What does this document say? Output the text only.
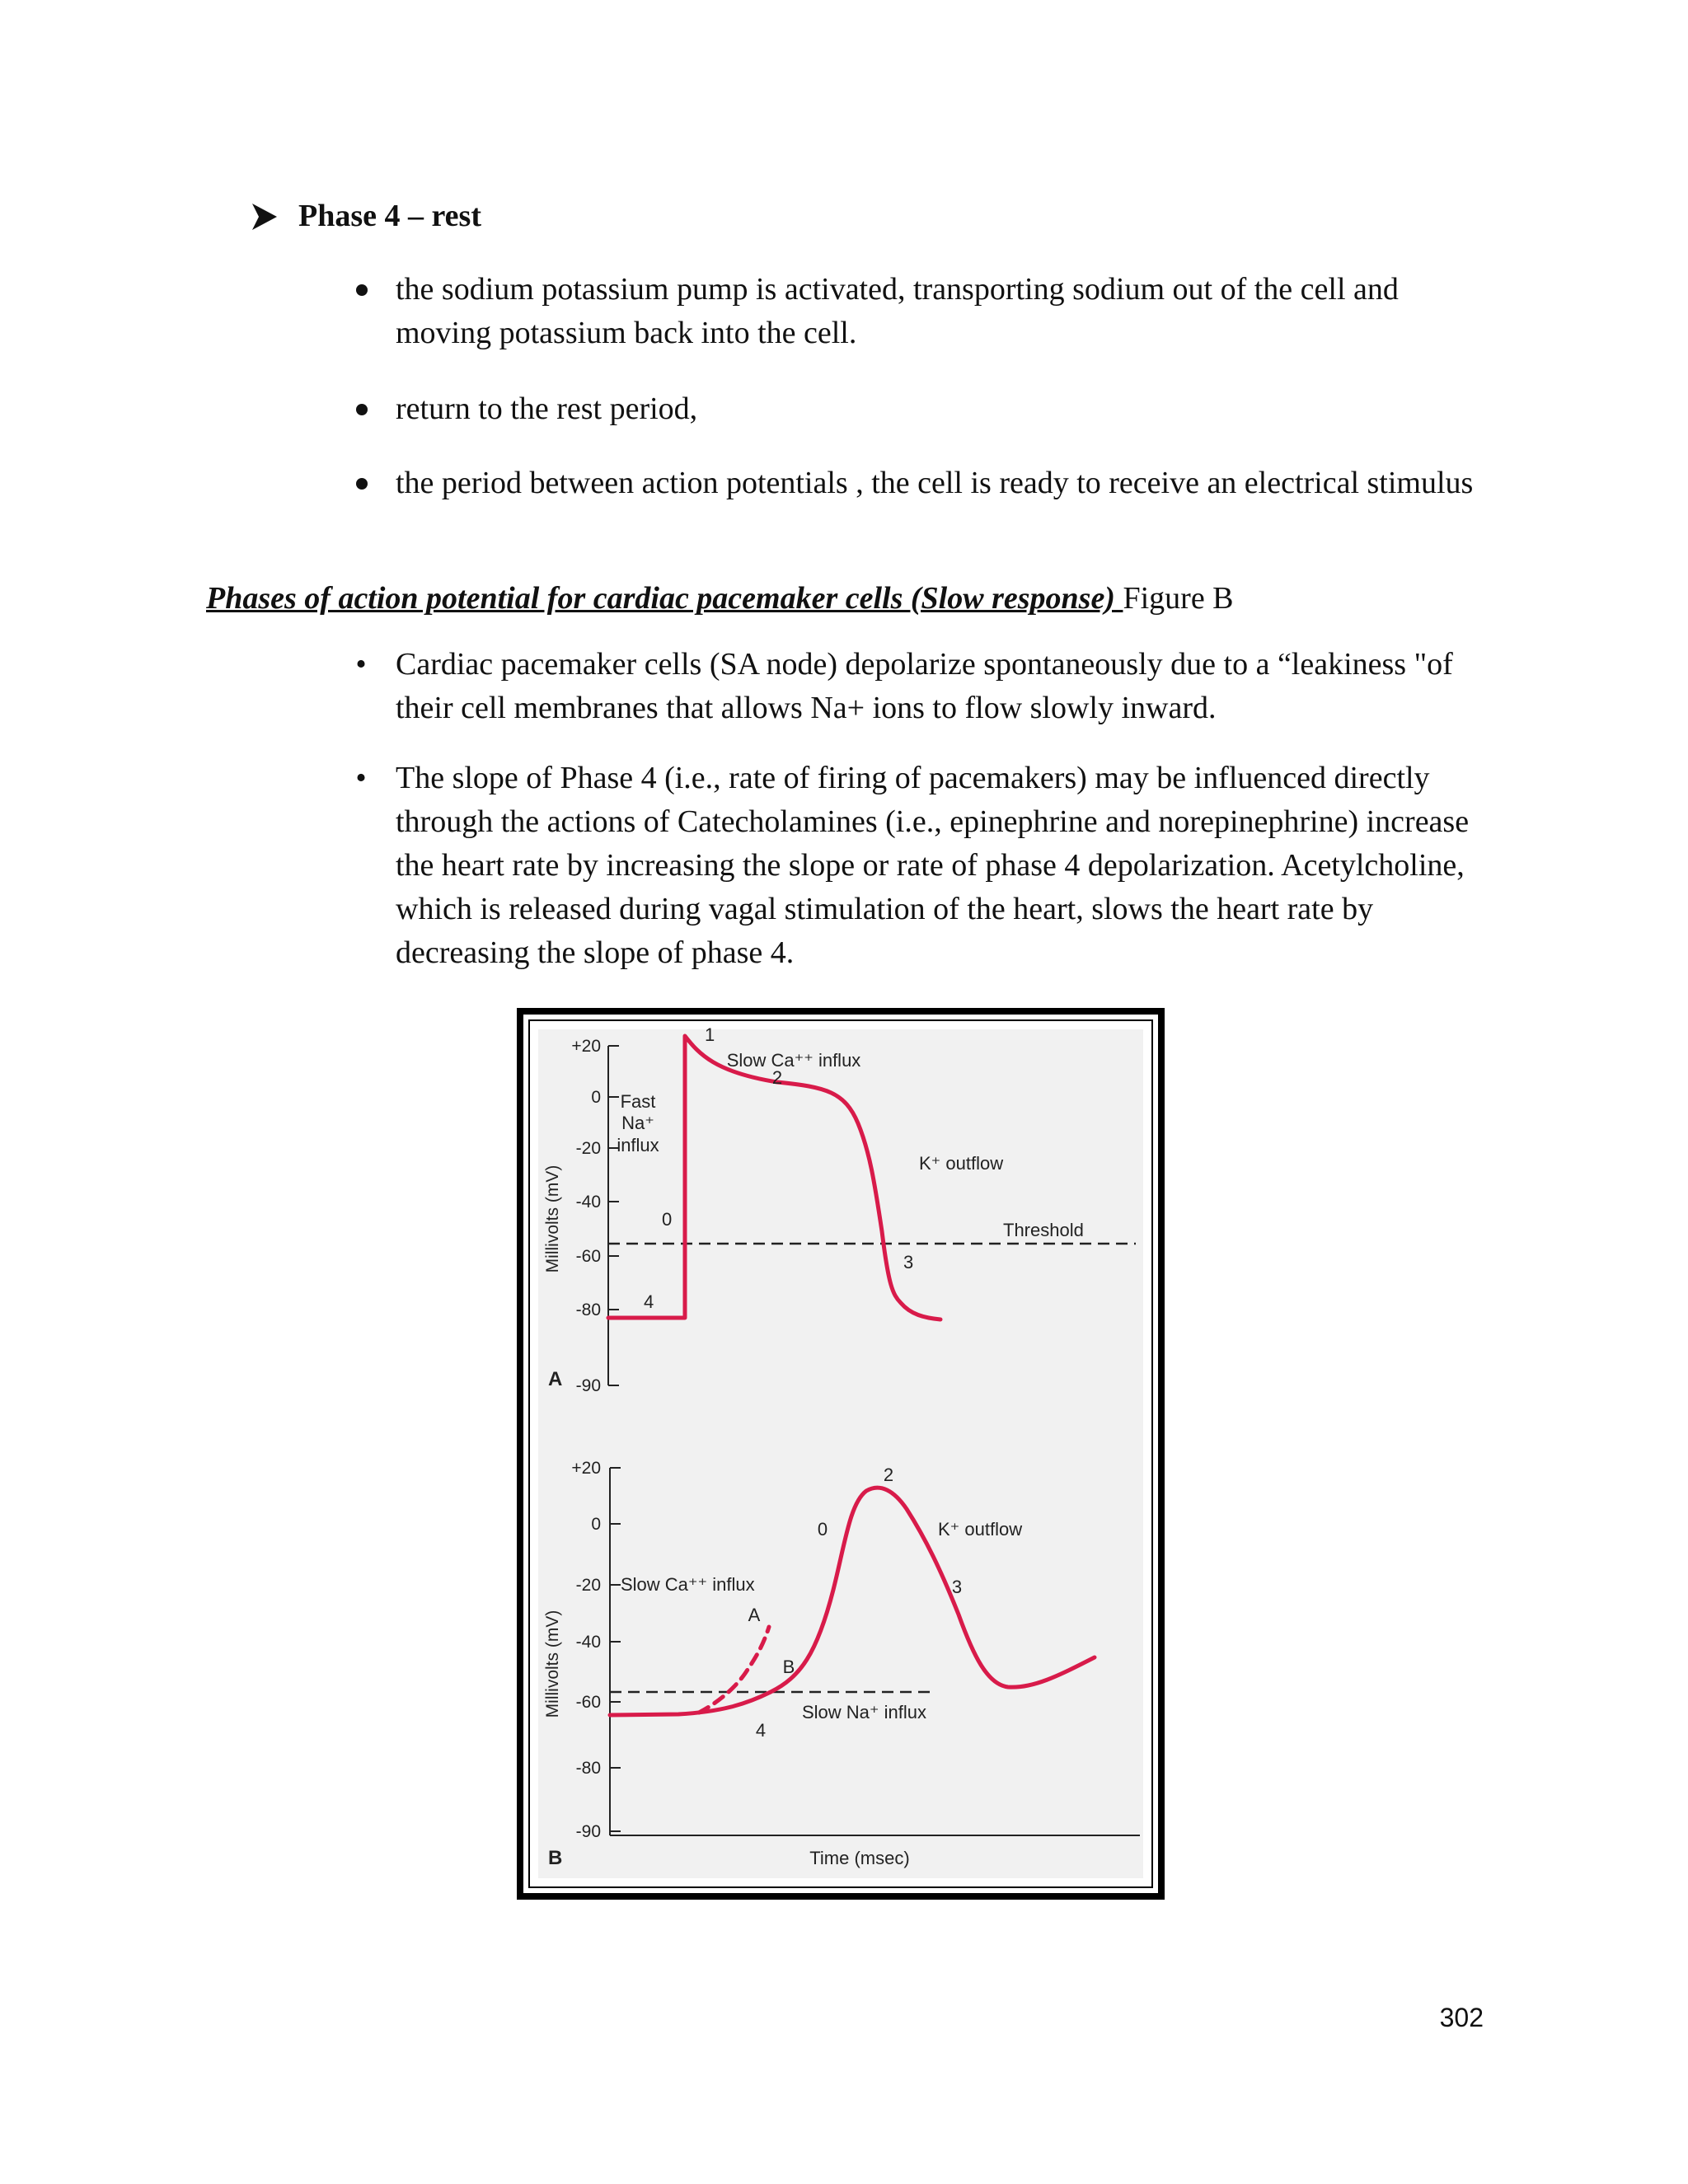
Phase 4 – rest
the sodium potassium pump is activated, transporting sodium out of the cell and moving potassium back into the cell.
return to the rest period,
the period between action potentials , the cell is ready to receive an electrical stimulus
Phases of action potential for cardiac pacemaker cells (Slow response) Figure B
• Cardiac pacemaker cells (SA node) depolarize spontaneously due to a “leakiness "of their cell membranes that allows Na+ ions to flow slowly inward.
• The slope of Phase 4 (i.e., rate of firing of pacemakers) may be influenced directly through the actions of Catecholamines (i.e., epinephrine and norepinephrine) increase the heart rate by increasing the slope or rate of phase 4 depolarization. Acetylcholine, which is released during vagal stimulation of the heart, slows the heart rate by decreasing the slope of phase 4.
+20
0
-20
-40
-60
-80
-90
Millivolts (mV)
A
Fast
Na⁺
influx
Slow Ca⁺⁺ influx
K⁺ outflow
Threshold
1
2
0
3
4
+20
0
-20
-40
-60
-80
-90
Millivolts (mV)
Time (msec)
B
Slow Ca⁺⁺ influx
Slow Na⁺ influx
K⁺ outflow
A
B
0
2
3
4
302
